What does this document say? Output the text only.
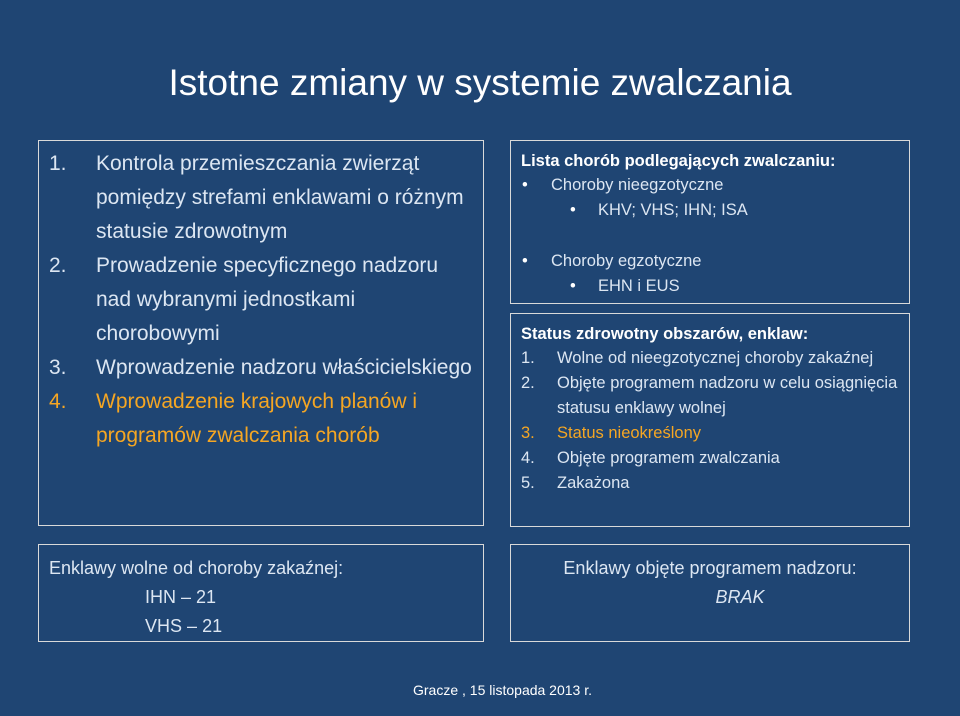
Istotne zmiany w systemie zwalczania
1.	Kontrola przemieszczania zwierząt pomiędzy strefami enklawami o różnym statusie zdrowotnym
2.	Prowadzenie specyficznego nadzoru nad wybranymi jednostkami chorobowymi
3.	Wprowadzenie nadzoru właścicielskiego
4.	Wprowadzenie krajowych planów i programów zwalczania chorób
Lista chorób podlegających zwalczaniu:
• Choroby nieegzotyczne
• KHV; VHS; IHN; ISA
• Choroby egzotyczne
• EHN i EUS
Status zdrowotny obszarów, enklaw:
1.	Wolne od nieegzotycznej choroby zakaźnej
2.	Objęte programem nadzoru w celu osiągnięcia statusu enklawy wolnej
3.	Status nieokreślony
4.	Objęte programem zwalczania
5.	Zakażona
Enklawy wolne od choroby zakaźnej:
IHN – 21
VHS – 21
Enklawy objęte programem nadzoru:
BRAK
Gracze , 15 listopada 2013 r.
